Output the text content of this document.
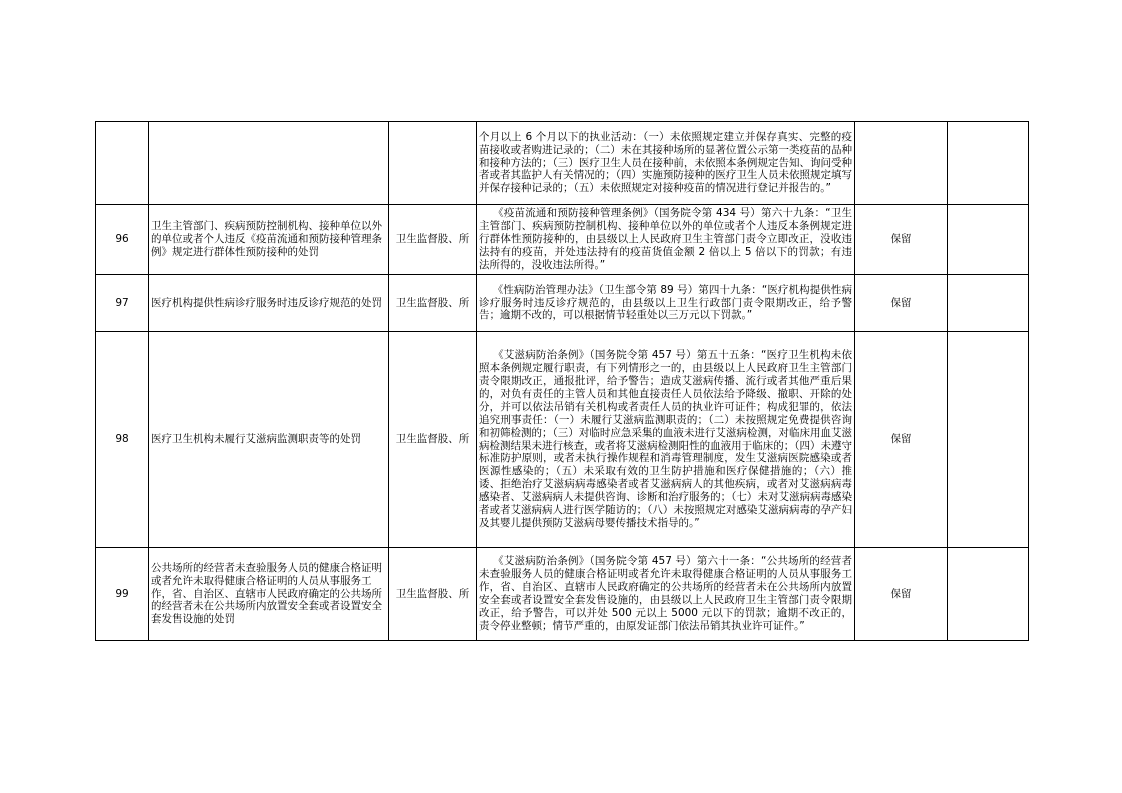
			个月以上 6 个月以下的执业活动：（一）未依照规定建立并保存真实、完整的疫苗接收或者购进记录的；（二）未在其接种场所的显著位置公示第一类疫苗的品种和接种方法的；（三）医疗卫生人员在接种前，未依照本条例规定告知、询问受种者或者其监护人有关情况的；（四）实施预防接种的医疗卫生人员未依照规定填写并保存接种记录的；（五）未依照规定对接种疫苗的情况进行登记并报告的。”		
96	卫生主管部门、疾病预防控制机构、接种单位以外的单位或者个人违反《疫苗流通和预防接种管理条例》规定进行群体性预防接种的处罚	卫生监督股、所	《疫苗流通和预防接种管理条例》（国务院令第 434 号）第六十九条：“卫生主管部门、疾病预防控制机构、接种单位以外的单位或者个人违反本条例规定进行群体性预防接种的，由县级以上人民政府卫生主管部门责令立即改正，没收违法持有的疫苗，并处违法持有的疫苗货值金额 2 倍以上 5 倍以下的罚款；有违法所得的，没收违法所得。”	保留	
97	医疗机构提供性病诊疗服务时违反诊疗规范的处罚	卫生监督股、所	《性病防治管理办法》（卫生部令第 89 号）第四十九条：“医疗机构提供性病诊疗服务时违反诊疗规范的，由县级以上卫生行政部门责令限期改正，给予警告；逾期不改的，可以根据情节轻重处以三万元以下罚款。”	保留	
98	医疗卫生机构未履行艾滋病监测职责等的处罚	卫生监督股、所	《艾滋病防治条例》（国务院令第 457 号）第五十五条：“医疗卫生机构未依照本条例规定履行职责，有下列情形之一的，由县级以上人民政府卫生主管部门责令限期改正，通报批评，给予警告；造成艾滋病传播、流行或者其他严重后果的，对负有责任的主管人员和其他直接责任人员依法给予降级、撤职、开除的处分，并可以依法吊销有关机构或者责任人员的执业许可证件；构成犯罪的，依法追究刑事责任：（一）未履行艾滋病监测职责的；（二）未按照规定免费提供咨询和初筛检测的；（三）对临时应急采集的血液未进行艾滋病检测，对临床用血艾滋病检测结果未进行核查，或者将艾滋病检测阳性的血液用于临床的；（四）未遵守标准防护原则，或者未执行操作规程和消毒管理制度，发生艾滋病医院感染或者医源性感染的；（五）未采取有效的卫生防护措施和医疗保健措施的；（六）推诿、拒绝治疗艾滋病病毒感染者或者艾滋病病人的其他疾病，或者对艾滋病病毒感染者、艾滋病病人未提供咨询、诊断和治疗服务的；（七）未对艾滋病病毒感染者或者艾滋病病人进行医学随访的；（八）未按照规定对感染艾滋病病毒的孕产妇及其婴儿提供预防艾滋病母婴传播技术指导的。”	保留	
99	公共场所的经营者未查验服务人员的健康合格证明或者允许未取得健康合格证明的人员从事服务工作，省、自治区、直辖市人民政府确定的公共场所的经营者未在公共场所内放置安全套或者设置安全套发售设施的处罚	卫生监督股、所	《艾滋病防治条例》（国务院令第 457 号）第六十一条：“公共场所的经营者未查验服务人员的健康合格证明或者允许未取得健康合格证明的人员从事服务工作，省、自治区、直辖市人民政府确定的公共场所的经营者未在公共场所内放置安全套或者设置安全套发售设施的，由县级以上人民政府卫生主管部门责令限期改正，给予警告，可以并处 500 元以上 5000 元以下的罚款；逾期不改正的，责令停业整顿；情节严重的，由原发证部门依法吊销其执业许可证件。”	保留	
